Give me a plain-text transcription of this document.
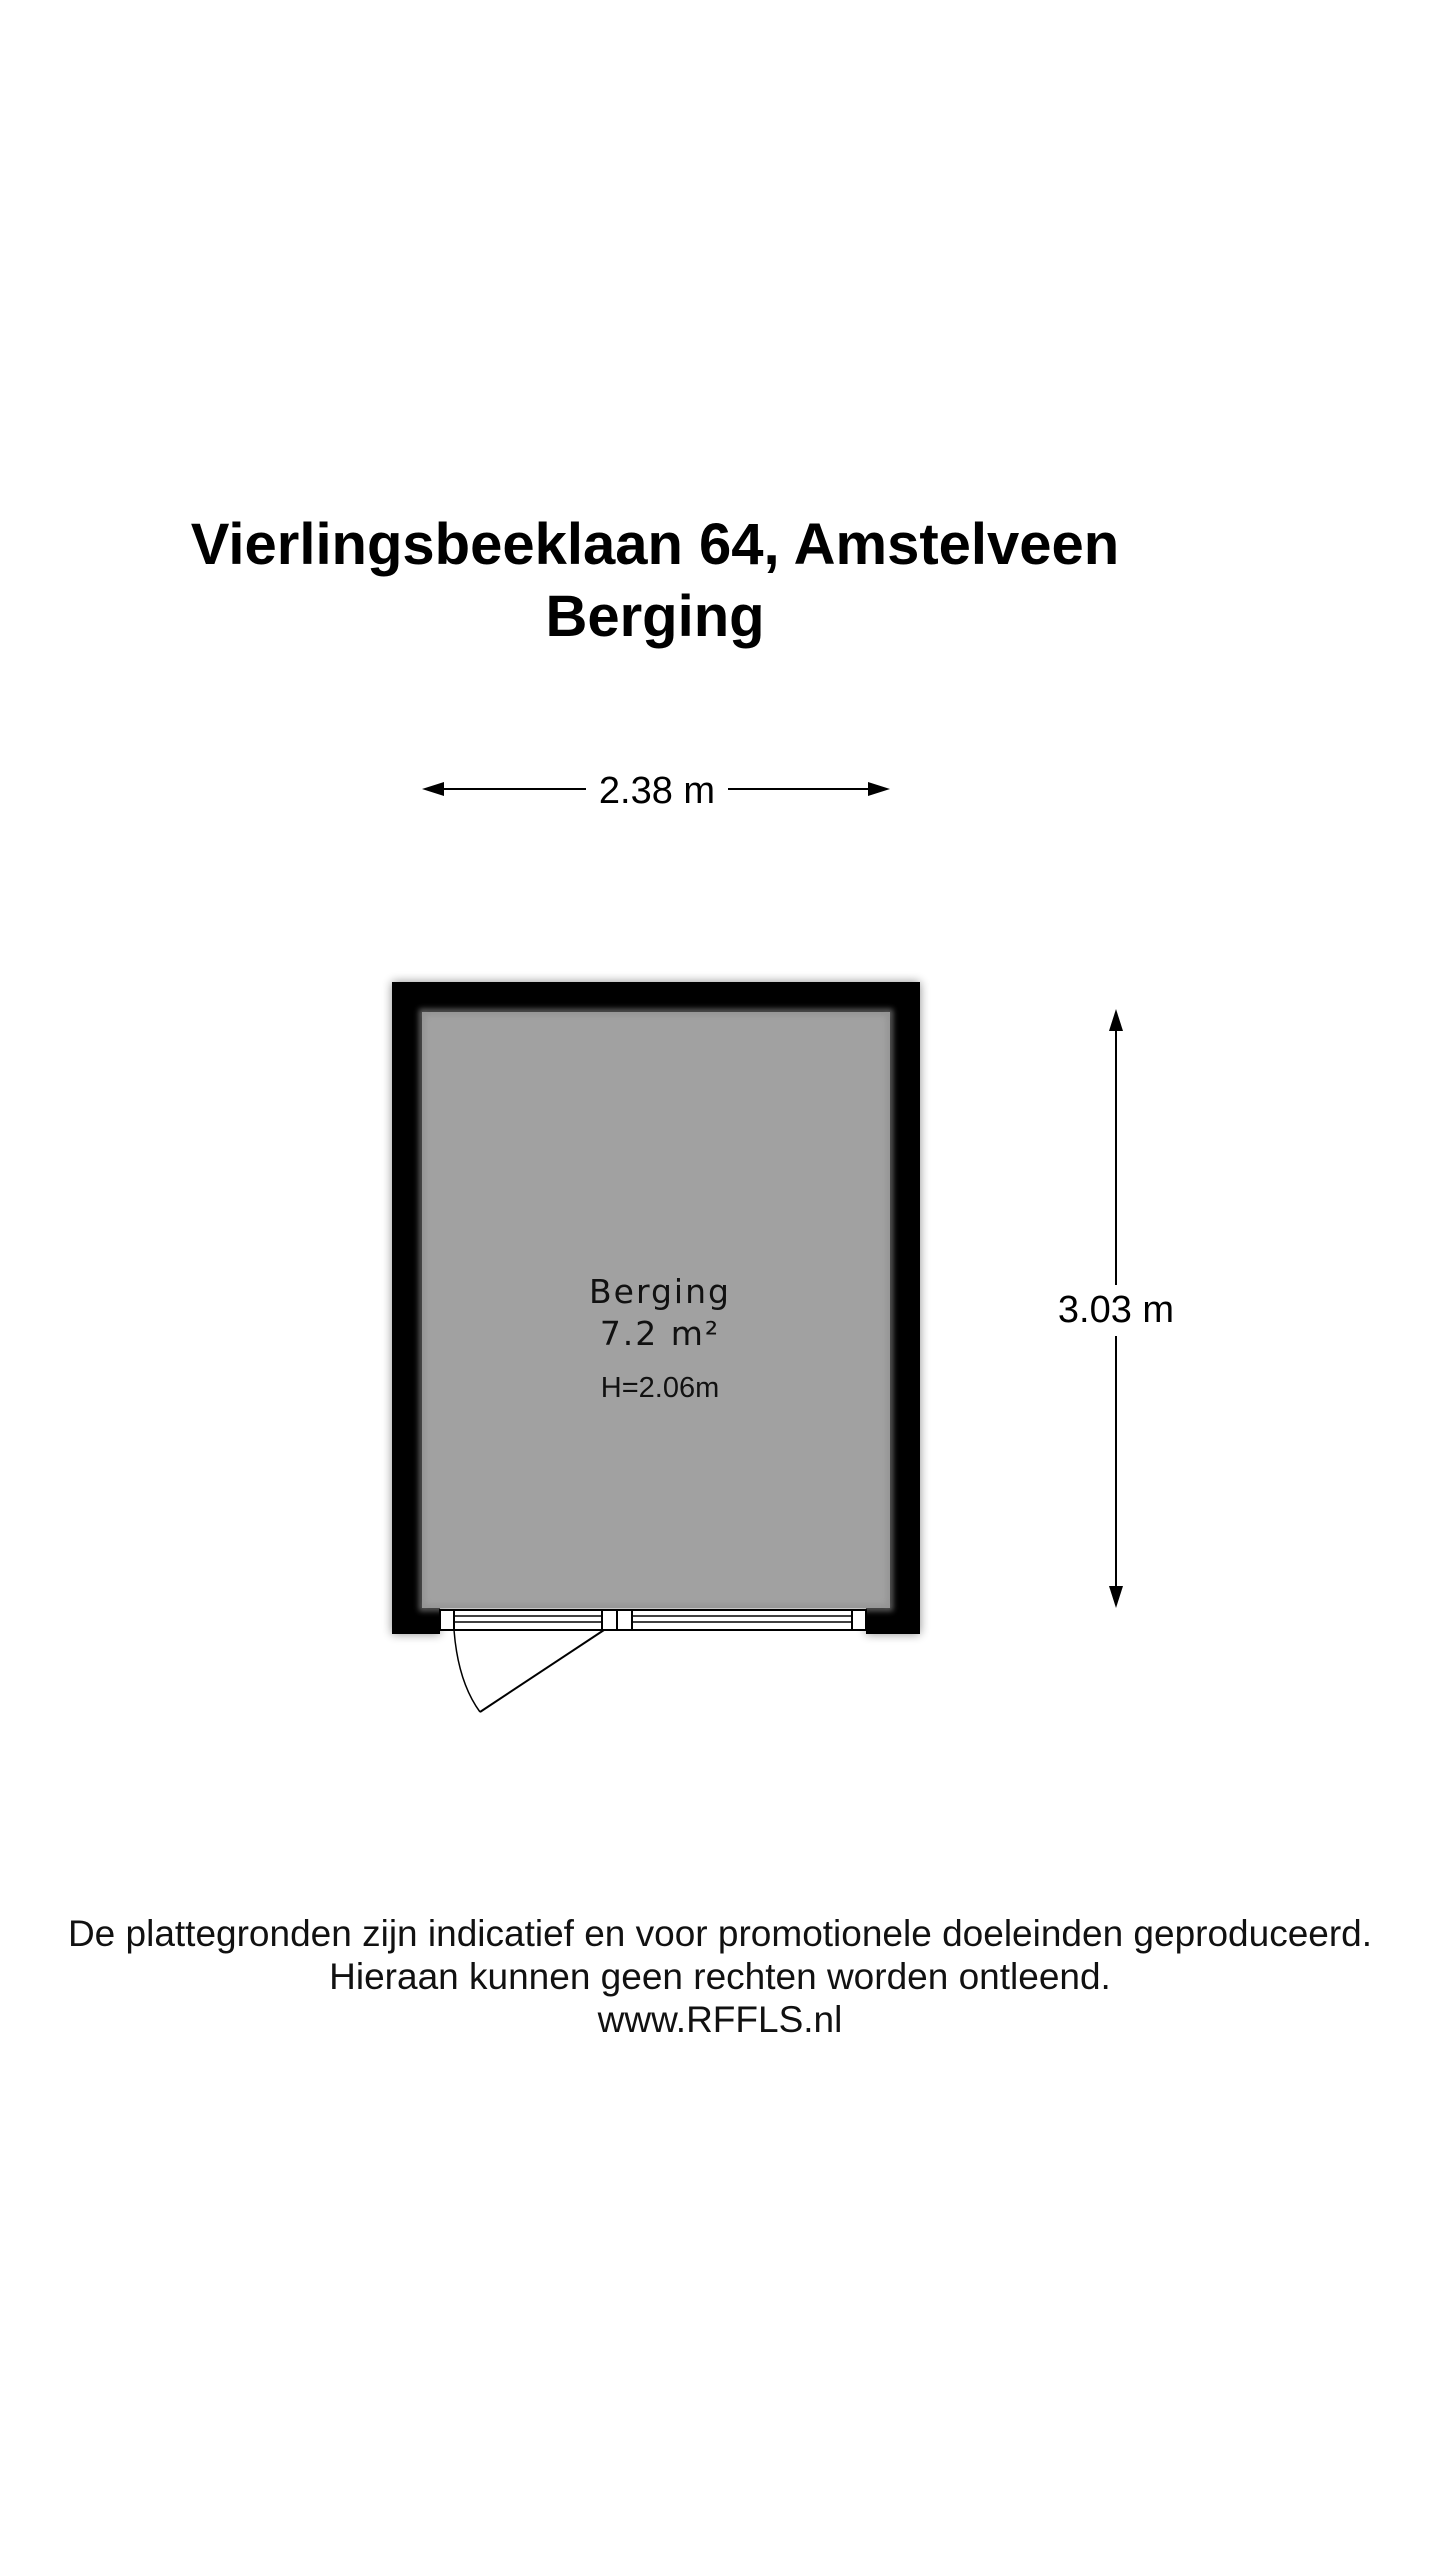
Vierlingsbeeklaan 64, Amstelveen
Berging
2.38 m
3.03 m
Berging
7.2 m²
H=2.06m
De plattegronden zijn indicatief en voor promotionele doeleinden geproduceerd.
Hieraan kunnen geen rechten worden ontleend.
www.RFFLS.nl
